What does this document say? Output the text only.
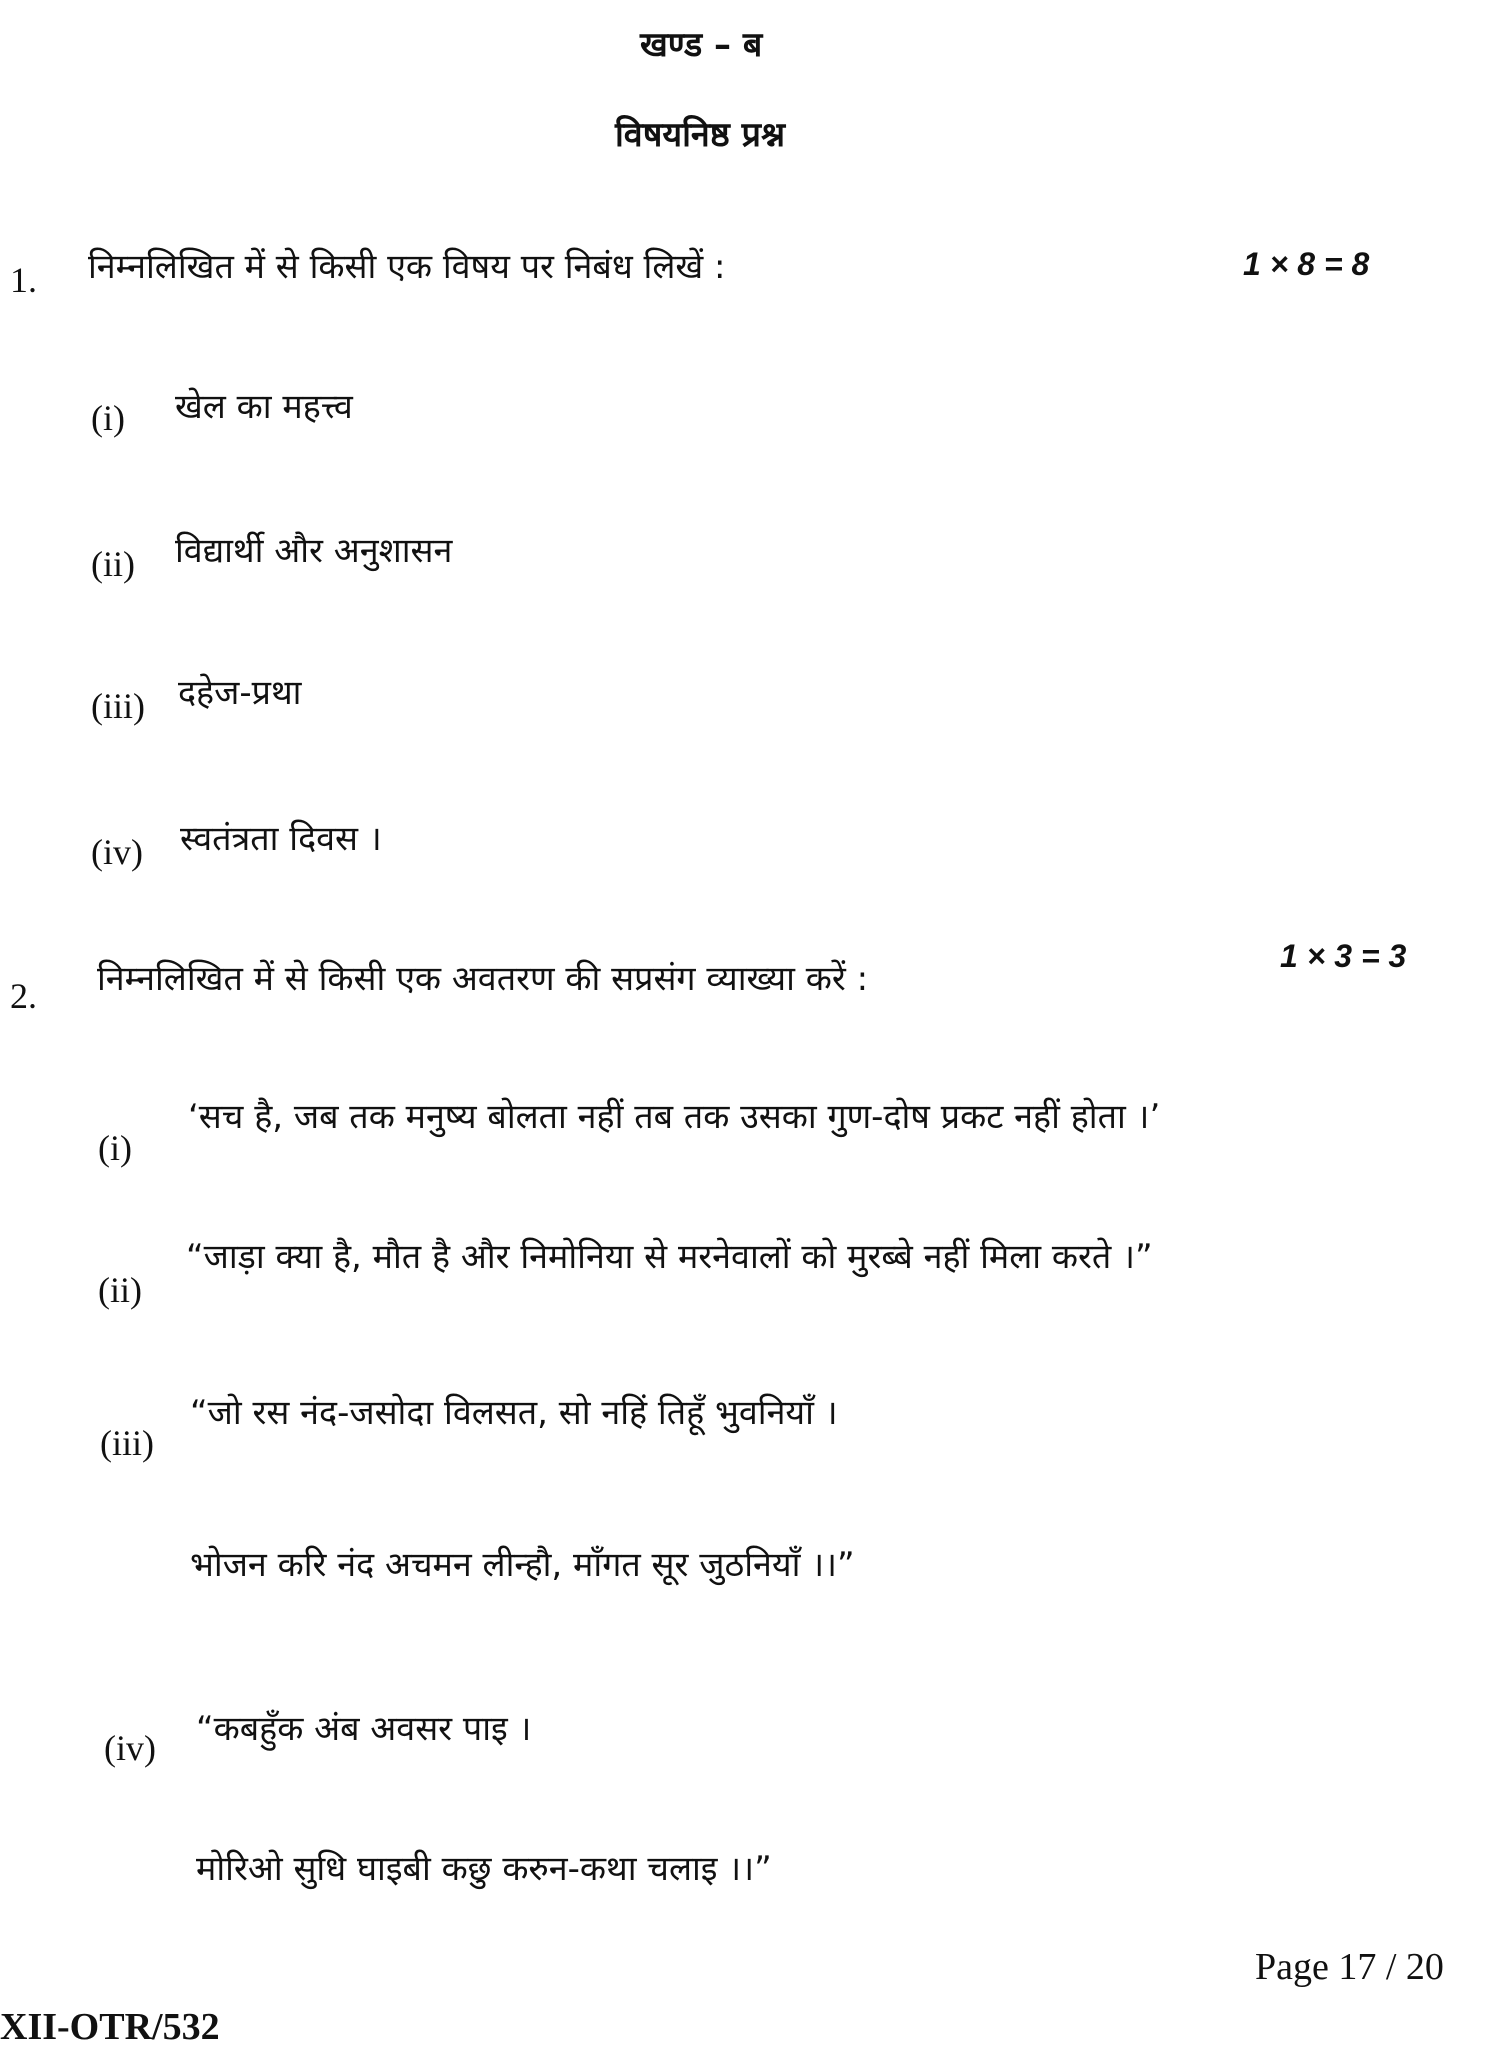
खण्ड – ब
विषयनिष्ठ प्रश्न
1. निम्नलिखित में से किसी एक विषय पर निबंध लिखें :	1 × 8 = 8
(i) खेल का महत्त्व
(ii) विद्यार्थी और अनुशासन
(iii) दहेज-प्रथा
(iv) स्वतंत्रता दिवस ।
2. निम्नलिखित में से किसी एक अवतरण की सप्रसंग व्याख्या करें :
1 × 3 = 3
(i)
‘सच है, जब तक मनुष्य बोलता नहीं तब तक उसका गुण-दोष प्रकट नहीं होता ।’
(ii)
“जाड़ा क्या है, मौत है और निमोनिया से मरनेवालों को मुरब्बे नहीं मिला करते ।”
(iii)
“जो रस नंद-जसोदा विलसत, सो नहिं तिहूँ भुवनियाँ ।
भोजन करि नंद अचमन लीन्हौ, माँगत सूर जुठनियाँ ।।”
(iv) “कबहुँक अंब अवसर पाइ ।
मोरिओ सुधि घाइबी कछु करुन-कथा चलाइ ।।”
Page 17 / 20
XII-OTR/532
